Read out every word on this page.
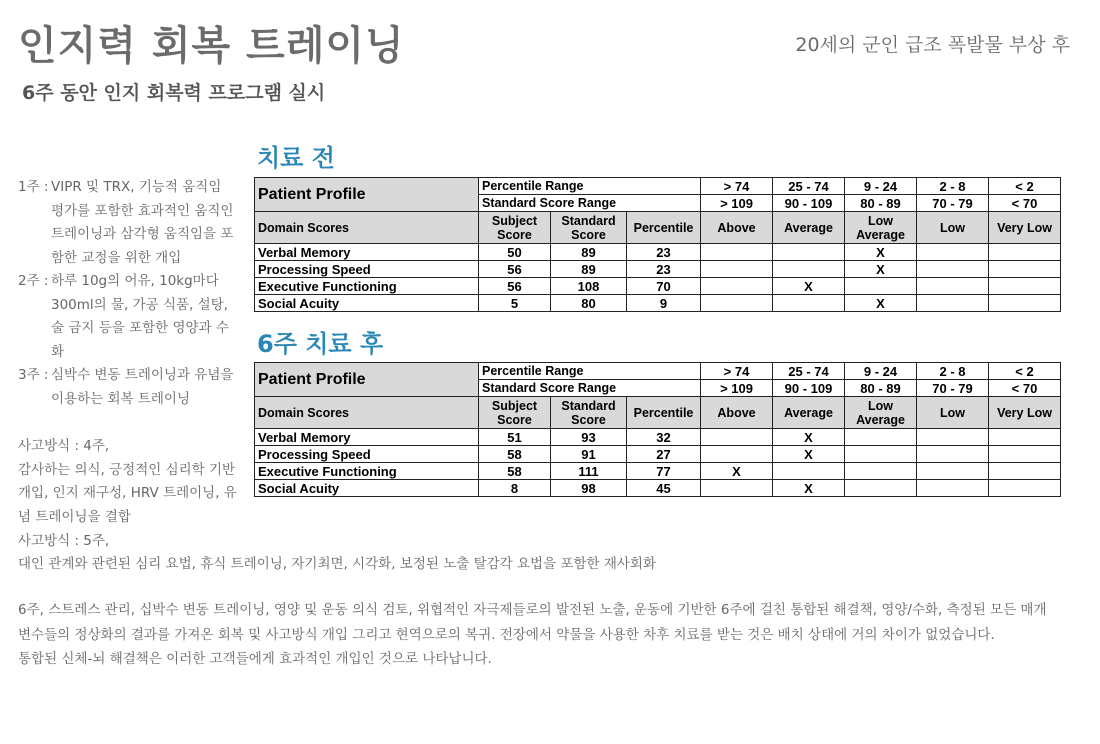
인지력 회복 트레이닝	20세의 군인 급조 폭발물 부상 후
6주 동안 인지 회복력 프로그램 실시
1주 : VIPR 및 TRX, 기능적 움직임 평가를 포함한 효과적인 움직인 트레이닝과 삼각형 움직임을 포함한 교정을 위한 개입
2주 : 하루 10g의 어유, 10kg마다 300ml의 물, 가공 식품, 설탕, 술 금지 등을 포함한 영양과 수화
3주 : 심박수 변동 트레이닝과 유념을 이용하는 회복 트레이닝
사고방식 : 4주,
감사하는 의식, 긍정적인 심리학 기반 개입, 인지 재구성, HRV 트레이닝, 유념 트레이닝을 결합
사고방식 : 5주,
대인 관계와 관련된 심리 요법, 휴식 트레이닝, 자기최면, 시각화, 보정된 노출 탈감각 요법을 포함한 재사회화
치료 전
Patient Profile	Percentile Range			> 74	25 - 74	9 - 24	2 - 8	< 2
	Standard Score Range			> 109	90 - 109	80 - 89	70 - 79	< 70
Domain Scores	Subject Score	Standard Score	Percentile	Above	Average	Low Average	Low	Very Low
Verbal Memory	50	89	23			X		
Processing Speed	56	89	23			X		
Executive Functioning	56	108	70		X			
Social Acuity	5	80	9			X		
6주 치료 후
Patient Profile	Percentile Range			> 74	25 - 74	9 - 24	2 - 8	< 2
	Standard Score Range			> 109	90 - 109	80 - 89	70 - 79	< 70
Domain Scores	Subject Score	Standard Score	Percentile	Above	Average	Low Average	Low	Very Low
Verbal Memory	51	93	32		X			
Processing Speed	58	91	27		X			
Executive Functioning	58	111	77	X				
Social Acuity	8	98	45		X			
6주, 스트레스 관리, 십박수 변동 트레이닝, 영양 및 운동 의식 검토, 위협적인 자극제들로의 발전된 노출, 운동에 기반한 6주에 걸친 통합된 해결책, 영양/수화, 측정된 모든 매개
변수들의 정상화의 결과를 가져온 회복 및 사고방식 개입 그리고 현역으로의 복귀. 전장에서 약물을 사용한 차후 치료를 받는 것은 배치 상태에 거의 차이가 없었습니다.
통합된 신체-뇌 해결책은 이러한 고객들에게 효과적인 개입인 것으로 나타납니다.
